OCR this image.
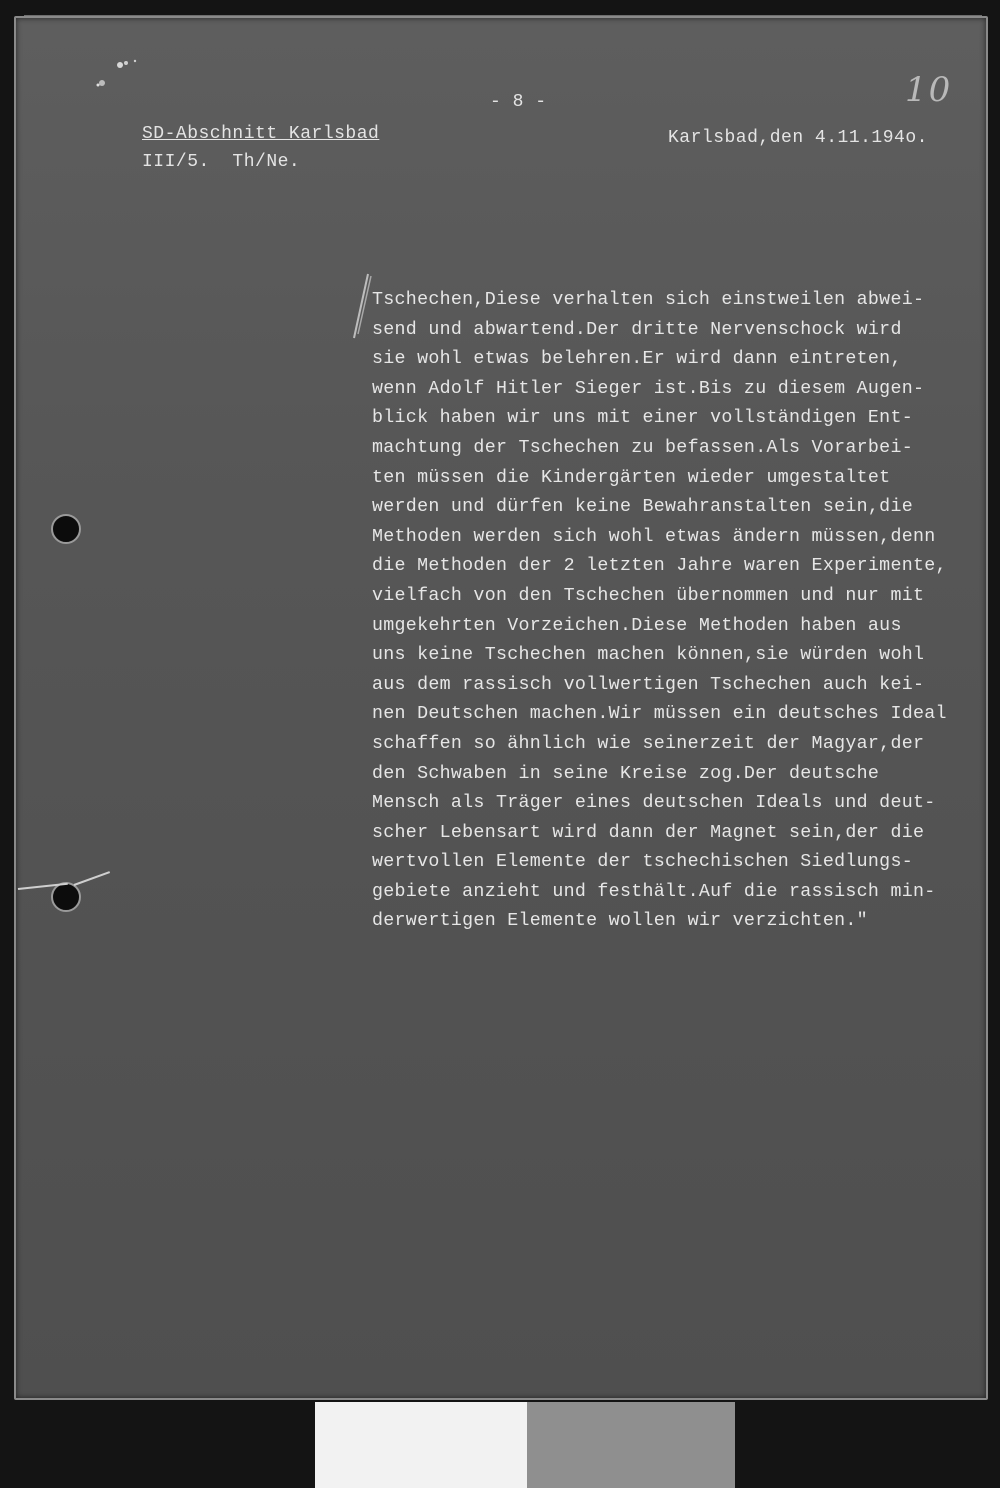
- 8 -	10
SD-Abschnitt Karlsbad
III/5.  Th/Ne.
Karlsbad,den 4.11.194o.
Tschechen,Diese verhalten sich einstweilen abwei-
send und abwartend.Der dritte Nervenschock wird
sie wohl etwas belehren.Er wird dann eintreten,
wenn Adolf Hitler Sieger ist.Bis zu diesem Augen-
blick haben wir uns mit einer vollständigen Ent-
machtung der Tschechen zu befassen.Als Vorarbei-
ten müssen die Kindergärten wieder umgestaltet
werden und dürfen keine Bewahranstalten sein,die
Methoden werden sich wohl etwas ändern müssen,denn
die Methoden der 2 letzten Jahre waren Experimente,
vielfach von den Tschechen übernommen und nur mit
umgekehrten Vorzeichen.Diese Methoden haben aus
uns keine Tschechen machen können,sie würden wohl
aus dem rassisch vollwertigen Tschechen auch kei-
nen Deutschen machen.Wir müssen ein deutsches Ideal
schaffen so ähnlich wie seinerzeit der Magyar,der
den Schwaben in seine Kreise zog.Der deutsche
Mensch als Träger eines deutschen Ideals und deut-
scher Lebensart wird dann der Magnet sein,der die
wertvollen Elemente der tschechischen Siedlungs-
gebiete anzieht und festhält.Auf die rassisch min-
derwertigen Elemente wollen wir verzichten."
